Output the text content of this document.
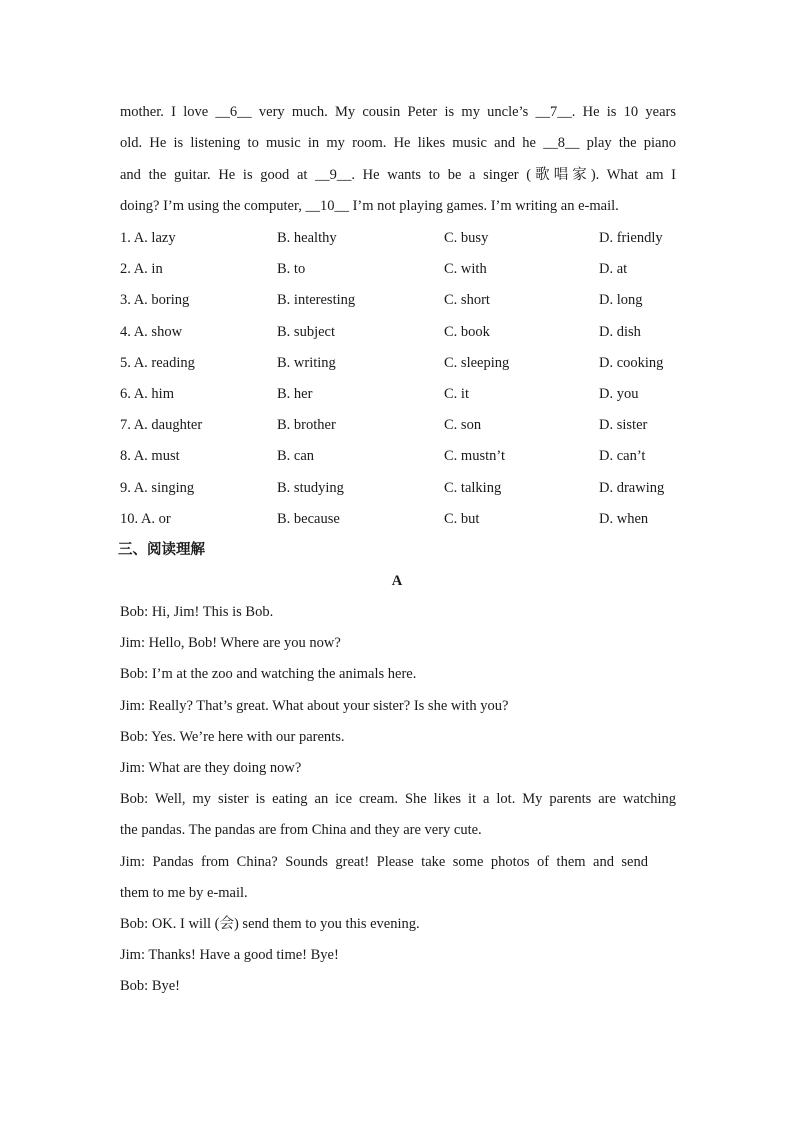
mother. I love __6__ very much. My cousin Peter is my uncle’s __7__. He is 10 years
old. He is listening to music in my room. He likes music and he __8__ play the piano
and the guitar. He is good at __9__. He wants to be a singer (歌唱家). What am I
doing? I’m using the computer, __10__ I’m not playing games. I’m writing an e-mail.
1. A. lazy	B. healthy	C. busy	D. friendly
2. A. in	B. to	C. with	D. at
3. A. boring	B. interesting	C. short	D. long
4. A. show	B. subject	C. book	D. dish
5. A. reading	B. writing	C. sleeping	D. cooking
6. A. him	B. her	C. it	D. you
7. A. daughter	B. brother	C. son	D. sister
8. A. must	B. can	C. mustn’t	D. can’t
9. A. singing	B. studying	C. talking	D. drawing
10. A. or	B. because	C. but	D. when
三、阅读理解
A
Bob: Hi, Jim! This is Bob.
Jim: Hello, Bob! Where are you now?
Bob: I’m at the zoo and watching the animals here.
Jim: Really? That’s great. What about your sister? Is she with you?
Bob: Yes. We’re here with our parents.
Jim: What are they doing now?
Bob: Well, my sister is eating an ice cream. She likes it a lot. My parents are watching
the pandas. The pandas are from China and they are very cute.
Jim: Pandas from China? Sounds great! Please take some photos of them and send
them to me by e-mail.
Bob: OK. I will (会) send them to you this evening.
Jim: Thanks! Have a good time! Bye!
Bob: Bye!
